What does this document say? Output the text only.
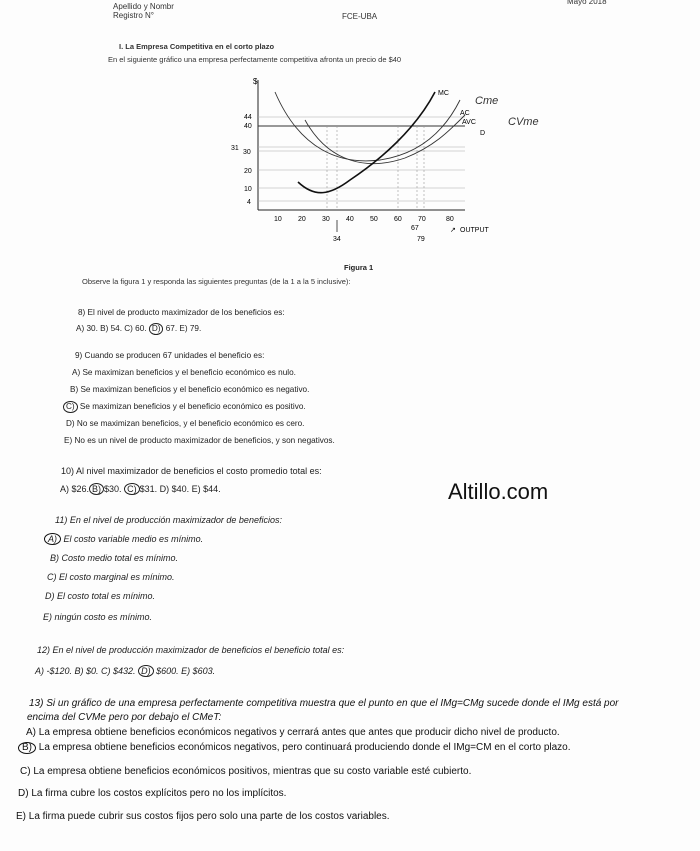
Apellido y Nombr
Registro N°	FCE-UBA
Mayo 2018
I. La Empresa Competitiva en el corto plazo
En el siguiente gráfico una empresa perfectamente competitiva afronta un precio de $40
$
MC
AC
AVC
D
Cme
CVme
44
40
31
30
20
10
4
10 20 30 40 50 60 70	80
34
67
79
↗ OUTPUT
Figura 1
Observe la figura 1 y responda las siguientes preguntas (de la 1 a la 5 inclusive):
8) El nivel de producto maximizador de los beneficios es:
A) 30. B) 54. C) 60. D) 67. E) 79.
9) Cuando se producen 67 unidades el beneficio es:
A) Se maximizan beneficios y el beneficio económico es nulo.
B) Se maximizan beneficios y el beneficio económico es negativo.
C) Se maximizan beneficios y el beneficio económico es positivo.
D) No se maximizan beneficios, y el beneficio económico es cero.
E) No es un nivel de producto maximizador de beneficios, y son negativos.
10) Al nivel maximizador de beneficios el costo promedio total es:
A) $26. B) $30. C) $31. D) $40. E) $44.	Altillo.com
11) En el nivel de producción maximizador de beneficios:
A) El costo variable medio es mínimo.
B) Costo medio total es mínimo.
C) El costo marginal es mínimo.
D) El costo total es mínimo.
E) ningún costo es mínimo.
12) En el nivel de producción maximizador de beneficios el beneficio total es:
A) -$120. B) $0. C) $432. D) $600. E) $603.
13) Si un gráfico de una empresa perfectamente competitiva muestra que el punto en que el IMg=CMg sucede donde el IMg está por
encima del CVMe pero por debajo el CMeT:
A) La empresa obtiene beneficios económicos negativos y cerrará antes que antes que producir dicho nivel de producto.
B) La empresa obtiene beneficios económicos negativos, pero continuará produciendo donde el IMg=CM en el corto plazo.
C) La empresa obtiene beneficios económicos positivos, mientras que su costo variable esté cubierto.
D) La firma cubre los costos explícitos pero no los implícitos.
E) La firma puede cubrir sus costos fijos pero solo una parte de los costos variables.
